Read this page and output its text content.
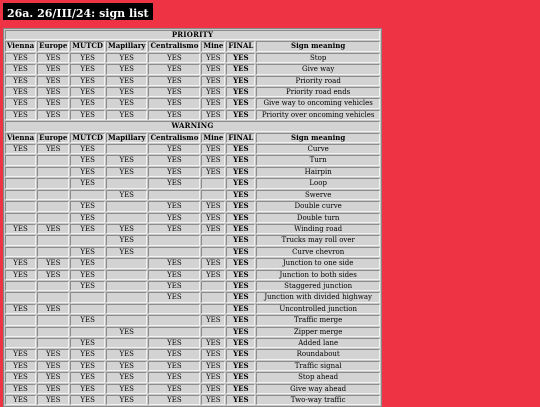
26a. 26/III/24: sign list
PRIORITY							
Vienna	Europe	MUTCD	Mapillary	Centralismo	Mine	FINAL	Sign meaning
YES	YES	YES	YES	YES	YES	YES	Stop
YES	YES	YES	YES	YES	YES	YES	Give way
YES	YES	YES	YES	YES	YES	YES	Priority road
YES	YES	YES	YES	YES	YES	YES	Priority road ends
YES	YES	YES	YES	YES	YES	YES	Give way to oncoming vehicles
YES	YES	YES	YES	YES	YES	YES	Priority over oncoming vehicles
WARNING							
Vienna	Europe	MUTCD	Mapillary	Centralismo	Mine	FINAL	Sign meaning
YES	YES	YES		YES	YES	YES	Curve
		YES	YES	YES	YES	YES	Turn
		YES	YES	YES	YES	YES	Hairpin
		YES		YES		YES	Loop
			YES			YES	Swerve
		YES		YES	YES	YES	Double curve
		YES		YES	YES	YES	Double turn
YES	YES	YES	YES	YES	YES	YES	Winding road
			YES			YES	Trucks may roll over
		YES	YES			YES	Curve chevron
YES	YES	YES		YES	YES	YES	Junction to one side
YES	YES	YES		YES	YES	YES	Junction to both sides
		YES		YES		YES	Staggered junction
				YES		YES	Junction with divided highway
YES	YES					YES	Uncontrolled junction
		YES			YES	YES	Traffic merge
			YES			YES	Zipper merge
		YES		YES	YES	YES	Added lane
YES	YES	YES	YES	YES	YES	YES	Roundabout
YES	YES	YES	YES	YES	YES	YES	Traffic signal
YES	YES	YES	YES	YES	YES	YES	Stop ahead
YES	YES	YES	YES	YES	YES	YES	Give way ahead
YES	YES	YES	YES	YES	YES	YES	Two-way traffic
